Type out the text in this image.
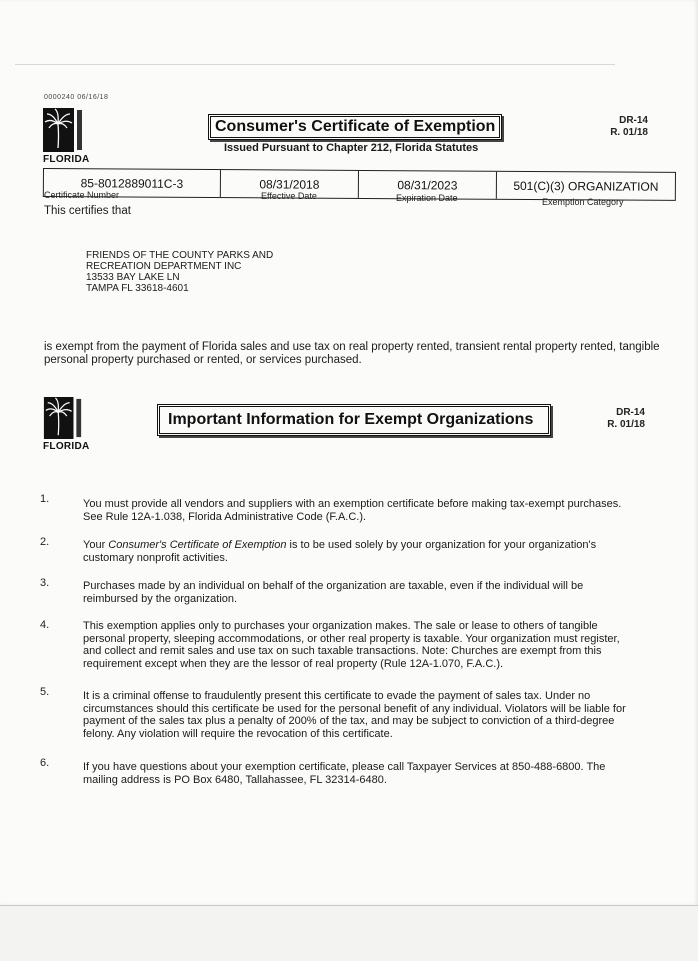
0000240 06/16/18
FLORIDA
Consumer's Certificate of Exemption
Issued Pursuant to Chapter 212, Florida Statutes
DR-14
R. 01/18
85-8012889011C-3	08/31/2018	08/31/2023	501(C)(3) ORGANIZATION
Certificate Number	Effective Date	Expiration Date	Exemption Category
This certifies that
FRIENDS OF THE COUNTY PARKS AND
RECREATION DEPARTMENT INC
13533 BAY LAKE LN
TAMPA FL 33618-4601
is exempt from the payment of Florida sales and use tax on real property rented, transient rental property rented, tangible
personal property purchased or rented, or services purchased.
FLORIDA
Important Information for Exempt Organizations	DR-14
R. 01/18
1.	You must provide all vendors and suppliers with an exemption certificate before making tax-exempt purchases.
See Rule 12A-1.038, Florida Administrative Code (F.A.C.).
2.	Your Consumer's Certificate of Exemption is to be used solely by your organization for your organization's
customary nonprofit activities.
3.	Purchases made by an individual on behalf of the organization are taxable, even if the individual will be
reimbursed by the organization.
4.	This exemption applies only to purchases your organization makes. The sale or lease to others of tangible
personal property, sleeping accommodations, or other real property is taxable. Your organization must register,
and collect and remit sales and use tax on such taxable transactions. Note: Churches are exempt from this
requirement except when they are the lessor of real property (Rule 12A-1.070, F.A.C.).
5.	It is a criminal offense to fraudulently present this certificate to evade the payment of sales tax. Under no
circumstances should this certificate be used for the personal benefit of any individual. Violators will be liable for
payment of the sales tax plus a penalty of 200% of the tax, and may be subject to conviction of a third-degree
felony. Any violation will require the revocation of this certificate.
6.	If you have questions about your exemption certificate, please call Taxpayer Services at 850-488-6800. The
mailing address is PO Box 6480, Tallahassee, FL 32314-6480.
